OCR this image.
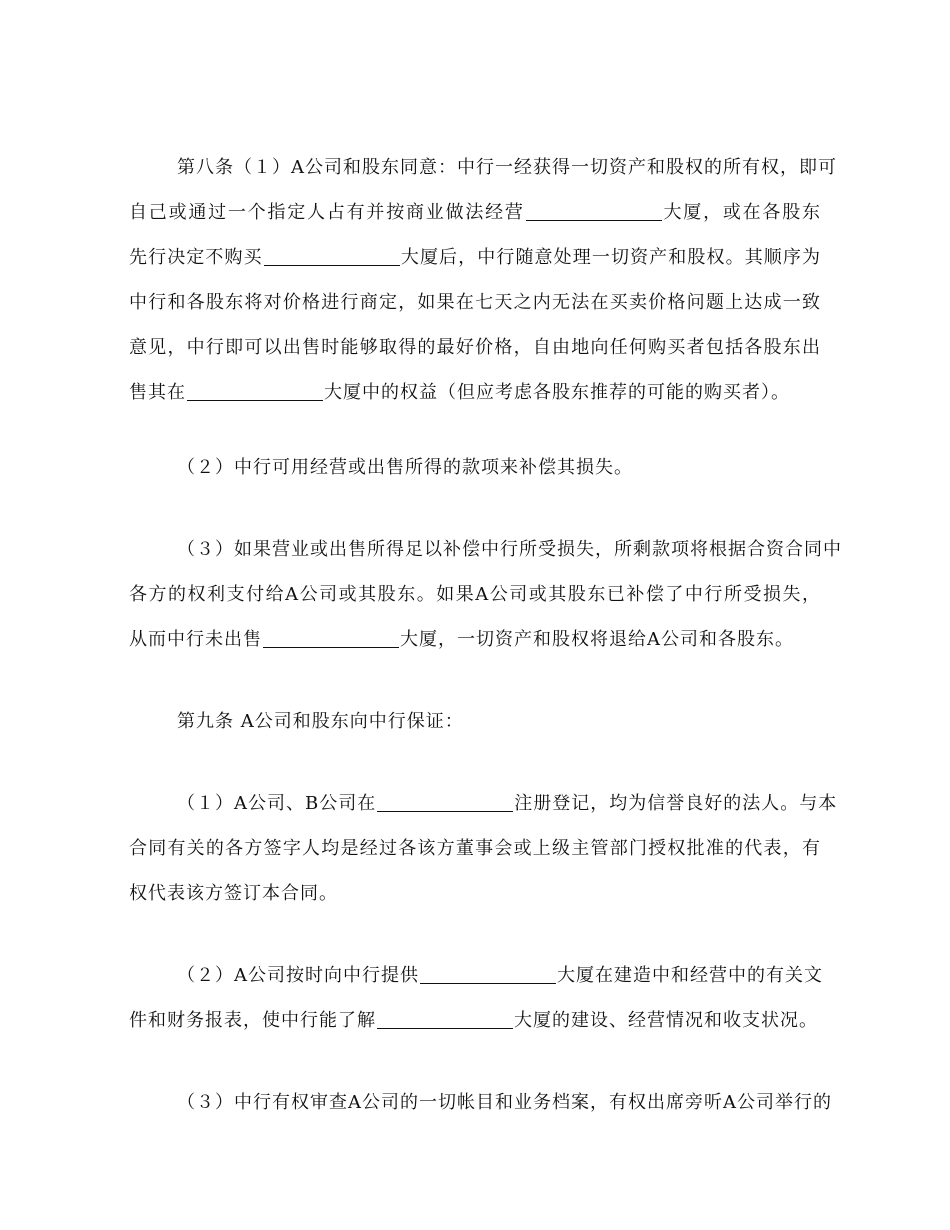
第八条（１）A公司和股东同意：中行一经获得一切资产和股权的所有权，即可
自己或通过一个指定人占有并按商业做法经营	大厦，或在各股东
先行决定不购买	大厦后，中行随意处理一切资产和股权。其顺序为
中行和各股东将对价格进行商定，如果在七天之内无法在买卖价格问题上达成一致
意见，中行即可以出售时能够取得的最好价格，自由地向任何购买者包括各股东出
售其在	大厦中的权益（但应考虑各股东推荐的可能的购买者）。
（２）中行可用经营或出售所得的款项来补偿其损失。
（３）如果营业或出售所得足以补偿中行所受损失，所剩款项将根据合资合同中
各方的权利支付给A公司或其股东。如果A公司或其股东已补偿了中行所受损失，
从而中行未出售	大厦，一切资产和股权将退给A公司和各股东。
第九条 A公司和股东向中行保证：
（１）A公司、B公司在	注册登记，均为信誉良好的法人。与本
合同有关的各方签字人均是经过各该方董事会或上级主管部门授权批准的代表，有
权代表该方签订本合同。
（２）A公司按时向中行提供	大厦在建造中和经营中的有关文
件和财务报表，使中行能了解	大厦的建设、经营情况和收支状况。
（３）中行有权审查A公司的一切帐目和业务档案，有权出席旁听A公司举行的
